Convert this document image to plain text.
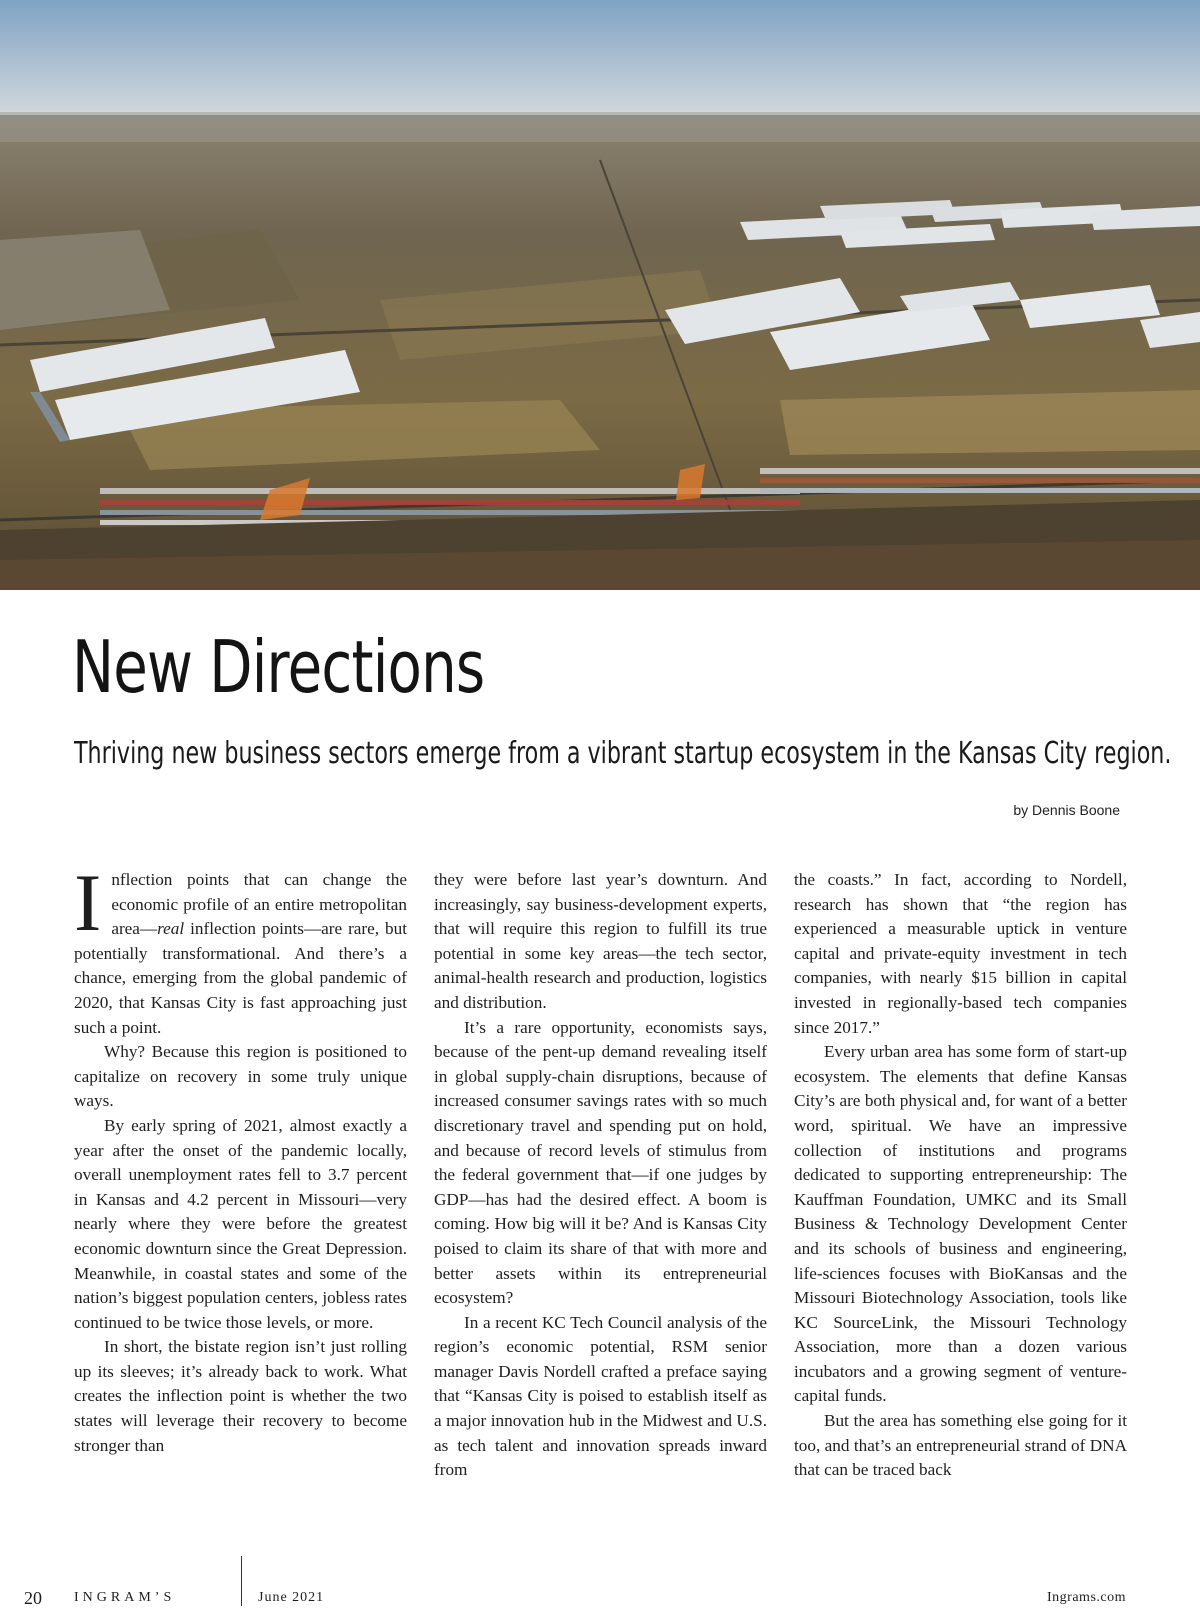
New Directions
Thriving new business sectors emerge from a vibrant startup ecosystem in the Kansas City region.
by Dennis Boone

Inflection points that can change the economic profile of an entire metropolitan area—real inflection points—are rare, but potentially transformational. And there’s a chance, emerging from the global pandemic of 2020, that Kansas City is fast approaching just such a point.

Why? Because this region is positioned to capitalize on recovery in some truly unique ways.

By early spring of 2021, almost exactly a year after the onset of the pandemic locally, overall unemployment rates fell to 3.7 percent in Kansas and 4.2 percent in Missouri—very nearly where they were before the greatest economic downturn since the Great Depression. Meanwhile, in coastal states and some of the nation’s biggest population centers, jobless rates continued to be twice those levels, or more.

In short, the bistate region isn’t just rolling up its sleeves; it’s already back to work. What creates the inflection point is whether the two states will leverage their recovery to become stronger than

they were before last year’s downturn. And increasingly, say business-development experts, that will require this region to fulfill its true potential in some key areas—the tech sector, animal-health research and production, logistics and distribution.

It’s a rare opportunity, economists says, because of the pent-up demand revealing itself in global supply-chain disruptions, because of increased consumer savings rates with so much discretionary travel and spending put on hold, and because of record levels of stimulus from the federal government that—if one judges by GDP—has had the desired effect. A boom is coming. How big will it be? And is Kansas City poised to claim its share of that with more and better assets within its entrepreneurial ecosystem?

In a recent KC Tech Council analysis of the region’s economic potential, RSM senior manager Davis Nordell crafted a preface saying that “Kansas City is poised to establish itself as a major innovation hub in the Midwest and U.S. as tech talent and innovation spreads inward from

the coasts.” In fact, according to Nordell, research has shown that “the region has experienced a measurable uptick in venture capital and private-equity investment in tech companies, with nearly $15 billion in capital invested in regionally-based tech companies since 2017.”

Every urban area has some form of start-up ecosystem. The elements that define Kansas City’s are both physical and, for want of a better word, spiritual. We have an impressive collection of institutions and programs dedicated to supporting entrepreneurship: The Kauffman Foundation, UMKC and its Small Business & Technology Development Center and its schools of business and engineering, life-sciences focuses with BioKansas and the Missouri Biotechnology Association, tools like KC SourceLink, the Missouri Technology Association, more than a dozen various incubators and a growing segment of venture-capital funds.

But the area has something else going for it too, and that’s an entrepreneurial strand of DNA that can be traced back

20 INGRAM’S	June 2021	Ingrams.com
